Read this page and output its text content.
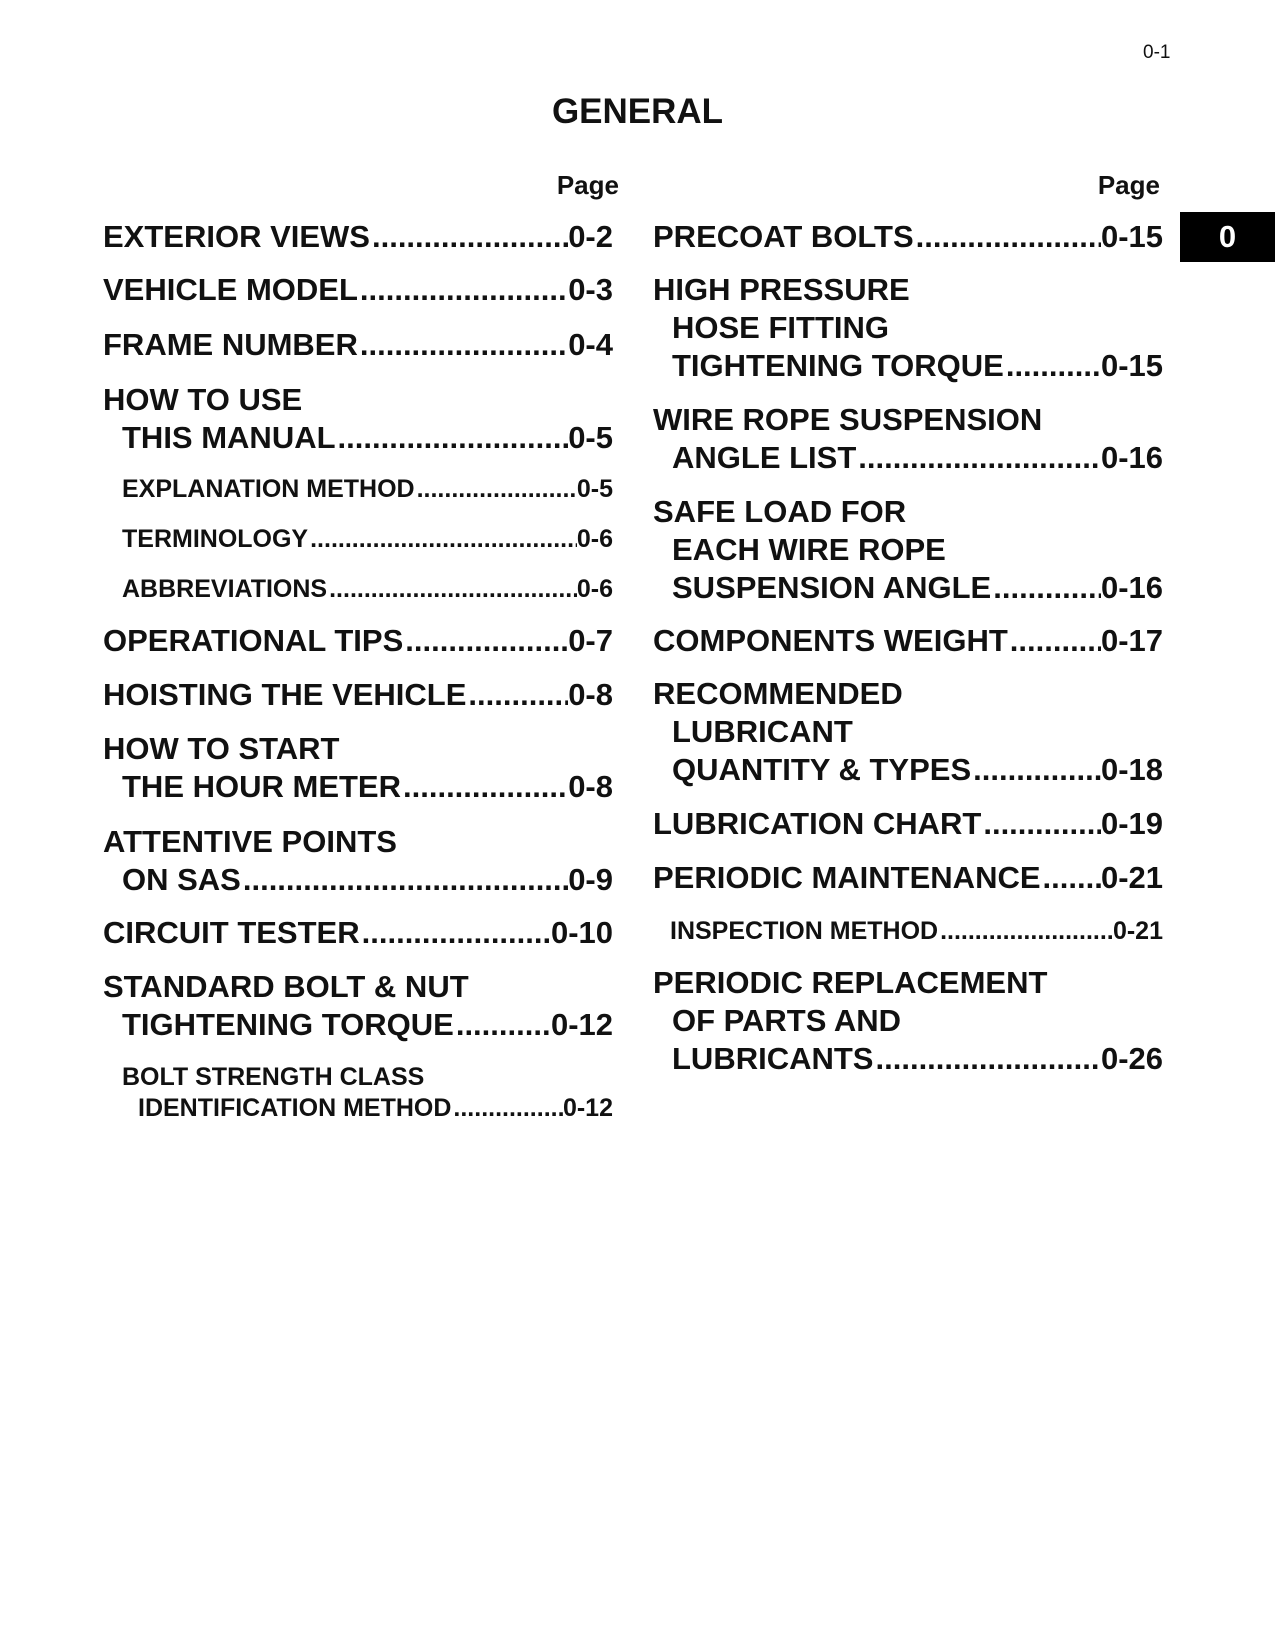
0-1
GENERAL
Page	Page
0
EXTERIOR VIEWS .....	0-2
VEHICLE MODEL .....	0-3
FRAME NUMBER .....	0-4
HOW TO USE
THIS MANUAL .....	0-5
EXPLANATION METHOD .....	0-5
TERMINOLOGY .....	0-6
ABBREVIATIONS .....	0-6
OPERATIONAL TIPS .....	0-7
HOISTING THE VEHICLE .....	0-8
HOW TO START
THE HOUR METER .....	0-8
ATTENTIVE POINTS
ON SAS .....	0-9
CIRCUIT TESTER .....	0-10
STANDARD BOLT & NUT
TIGHTENING TORQUE .....	0-12
BOLT STRENGTH CLASS
IDENTIFICATION METHOD .....	0-12
PRECOAT BOLTS .....	0-15
HIGH PRESSURE
HOSE FITTING
TIGHTENING TORQUE .....	0-15
WIRE ROPE SUSPENSION
ANGLE LIST .....	0-16
SAFE LOAD FOR
EACH WIRE ROPE
SUSPENSION ANGLE .....	0-16
COMPONENTS WEIGHT .....	0-17
RECOMMENDED
LUBRICANT
QUANTITY & TYPES .....	0-18
LUBRICATION CHART .....	0-19
PERIODIC MAINTENANCE ..... 0-21
INSPECTION METHOD .....	0-21
PERIODIC REPLACEMENT
OF PARTS AND
LUBRICANTS .....	0-26
